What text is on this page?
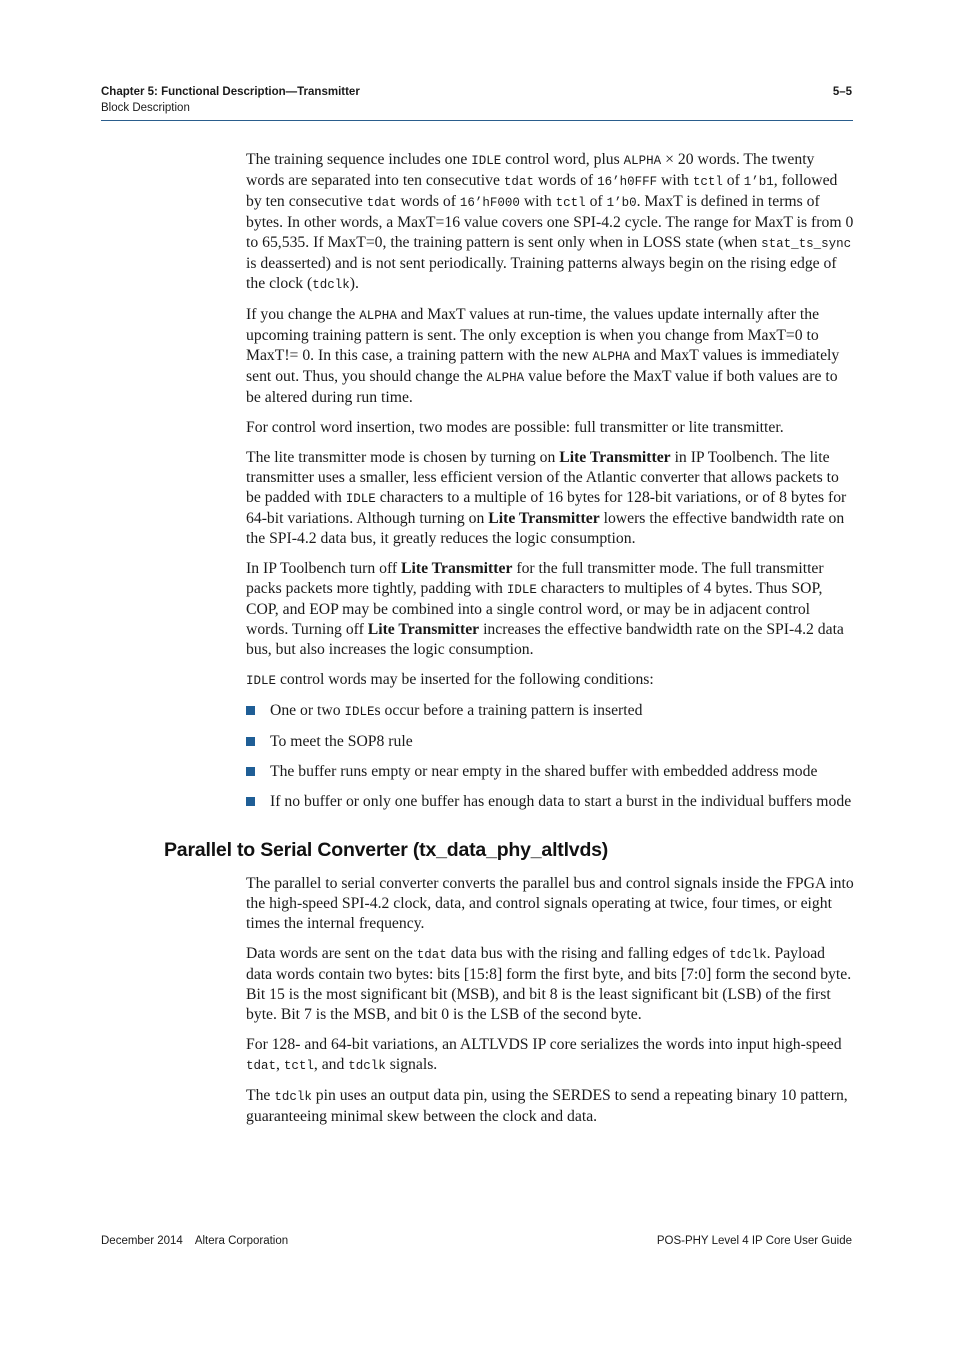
Chapter 5: Functional Description—Transmitter
Block Description
5–5

The training sequence includes one IDLE control word, plus ALPHA × 20 words. The twenty words are separated into ten consecutive tdat words of 16’h0FFF with tctl of 1’b1, followed by ten consecutive tdat words of 16’hF000 with tctl of 1’b0. MaxT is defined in terms of bytes. In other words, a MaxT=16 value covers one SPI-4.2 cycle. The range for MaxT is from 0 to 65,535. If MaxT=0, the training pattern is sent only when in LOSS state (when stat_ts_sync is deasserted) and is not sent periodically. Training patterns always begin on the rising edge of the clock (tdclk).

If you change the ALPHA and MaxT values at run-time, the values update internally after the upcoming training pattern is sent. The only exception is when you change from MaxT=0 to MaxT!= 0. In this case, a training pattern with the new ALPHA and MaxT values is immediately sent out. Thus, you should change the ALPHA value before the MaxT value if both values are to be altered during run time.

For control word insertion, two modes are possible: full transmitter or lite transmitter.

The lite transmitter mode is chosen by turning on Lite Transmitter in IP Toolbench. The lite transmitter uses a smaller, less efficient version of the Atlantic converter that allows packets to be padded with IDLE characters to a multiple of 16 bytes for 128-bit variations, or of 8 bytes for 64-bit variations. Although turning on Lite Transmitter lowers the effective bandwidth rate on the SPI-4.2 data bus, it greatly reduces the logic consumption.

In IP Toolbench turn off Lite Transmitter for the full transmitter mode. The full transmitter packs packets more tightly, padding with IDLE characters to multiples of 4 bytes. Thus SOP, COP, and EOP may be combined into a single control word, or may be in adjacent control words. Turning off Lite Transmitter increases the effective bandwidth rate on the SPI-4.2 data bus, but also increases the logic consumption.

IDLE control words may be inserted for the following conditions:

One or two IDLEs occur before a training pattern is inserted
To meet the SOP8 rule
The buffer runs empty or near empty in the shared buffer with embedded address mode
If no buffer or only one buffer has enough data to start a burst in the individual buffers mode
Parallel to Serial Converter (tx_data_phy_altlvds)

The parallel to serial converter converts the parallel bus and control signals inside the FPGA into the high-speed SPI-4.2 clock, data, and control signals operating at twice, four times, or eight times the internal frequency.

Data words are sent on the tdat data bus with the rising and falling edges of tdclk. Payload data words contain two bytes: bits [15:8] form the first byte, and bits [7:0] form the second byte. Bit 15 is the most significant bit (MSB), and bit 8 is the least significant bit (LSB) of the first byte. Bit 7 is the MSB, and bit 0 is the LSB of the second byte.

For 128- and 64-bit variations, an ALTLVDS IP core serializes the words into input high-speed tdat, tctl, and tdclk signals.

The tdclk pin uses an output data pin, using the SERDES to send a repeating binary 10 pattern, guaranteeing minimal skew between the clock and data.

December 2014 Altera Corporation	POS-PHY Level 4 IP Core User Guide
